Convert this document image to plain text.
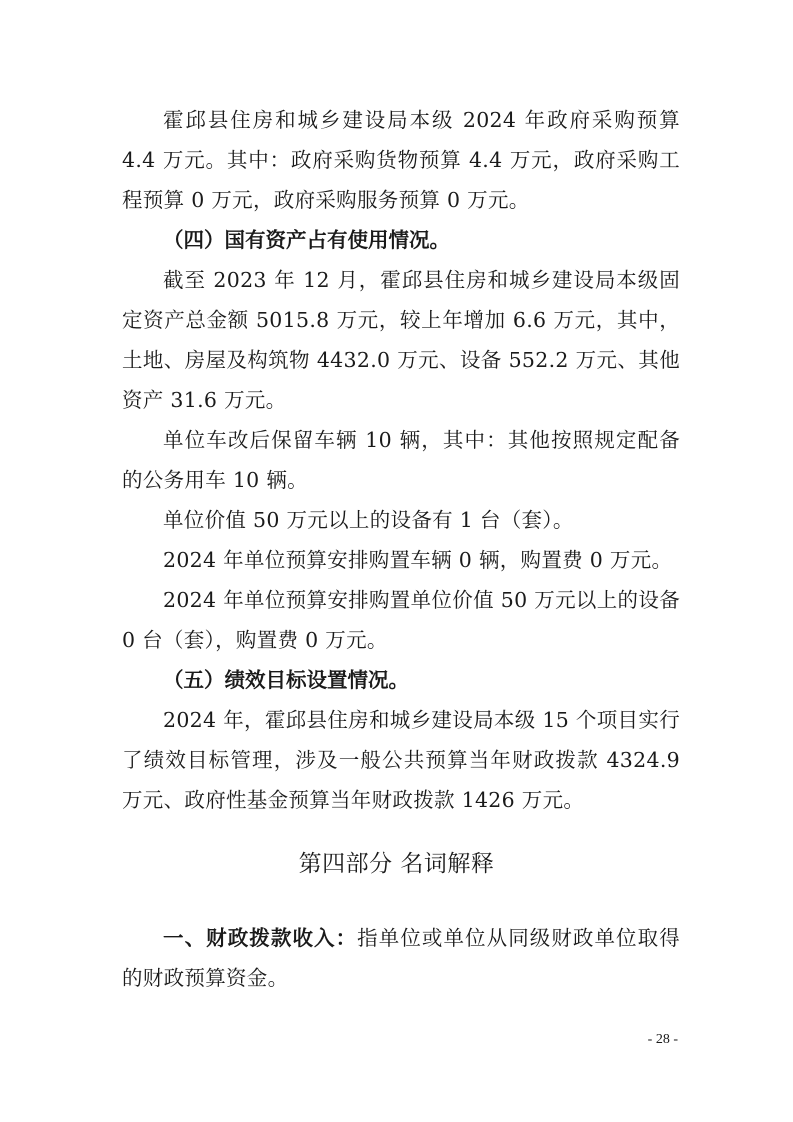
霍邱县住房和城乡建设局本级 2024 年政府采购预算 4.4 万元。其中：政府采购货物预算 4.4 万元，政府采购工程预算 0 万元，政府采购服务预算 0 万元。

（四）国有资产占有使用情况。

截至 2023 年 12 月，霍邱县住房和城乡建设局本级固定资产总金额 5015.8 万元，较上年增加 6.6 万元，其中，土地、房屋及构筑物 4432.0 万元、设备 552.2 万元、其他资产 31.6 万元。

单位车改后保留车辆 10 辆，其中：其他按照规定配备的公务用车 10 辆。

单位价值 50 万元以上的设备有 1 台（套）。

2024 年单位预算安排购置车辆 0 辆，购置费 0 万元。

2024 年单位预算安排购置单位价值 50 万元以上的设备 0 台（套），购置费 0 万元。

（五）绩效目标设置情况。

2024 年，霍邱县住房和城乡建设局本级 15 个项目实行了绩效目标管理，涉及一般公共预算当年财政拨款 4324.9 万元、政府性基金预算当年财政拨款 1426 万元。

第四部分 名词解释

一、财政拨款收入：指单位或单位从同级财政单位取得的财政预算资金。

- 28 -
